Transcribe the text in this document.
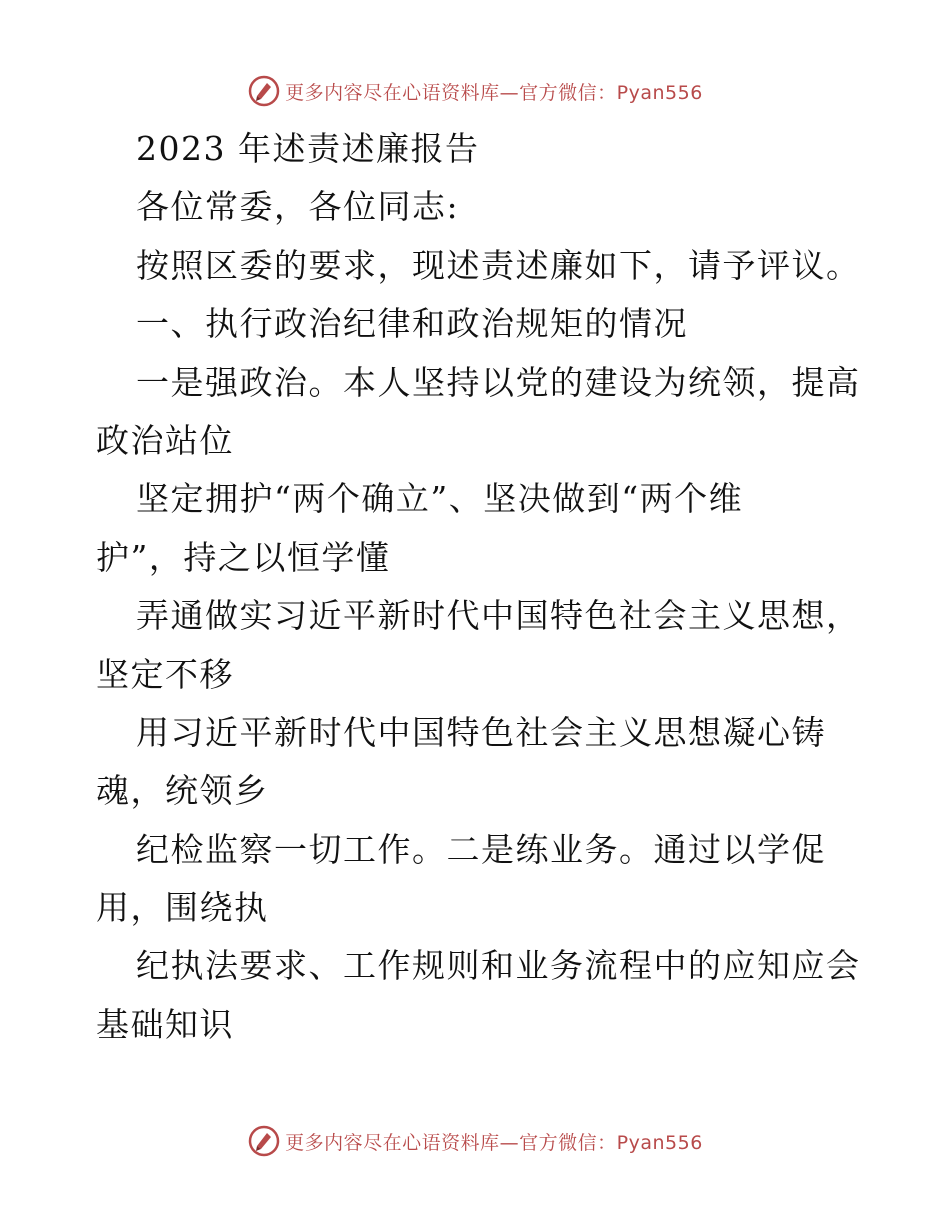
更多内容尽在心语资料库—官方微信：Pyan556
2023 年述责述廉报告
各位常委，各位同志:
按照区委的要求，现述责述廉如下，请予评议。
一、执行政治纪律和政治规矩的情况
一是强政治。本人坚持以党的建设为统领，提高
政治站位
坚定拥护“两个确立”、坚决做到“两个维
护”，持之以恒学懂
弄通做实习近平新时代中国特色社会主义思想，
坚定不移
用习近平新时代中国特色社会主义思想凝心铸
魂，统领乡
纪检监察一切工作。二是练业务。通过以学促
用，围绕执
纪执法要求、工作规则和业务流程中的应知应会
基础知识
更多内容尽在心语资料库—官方微信：Pyan556
